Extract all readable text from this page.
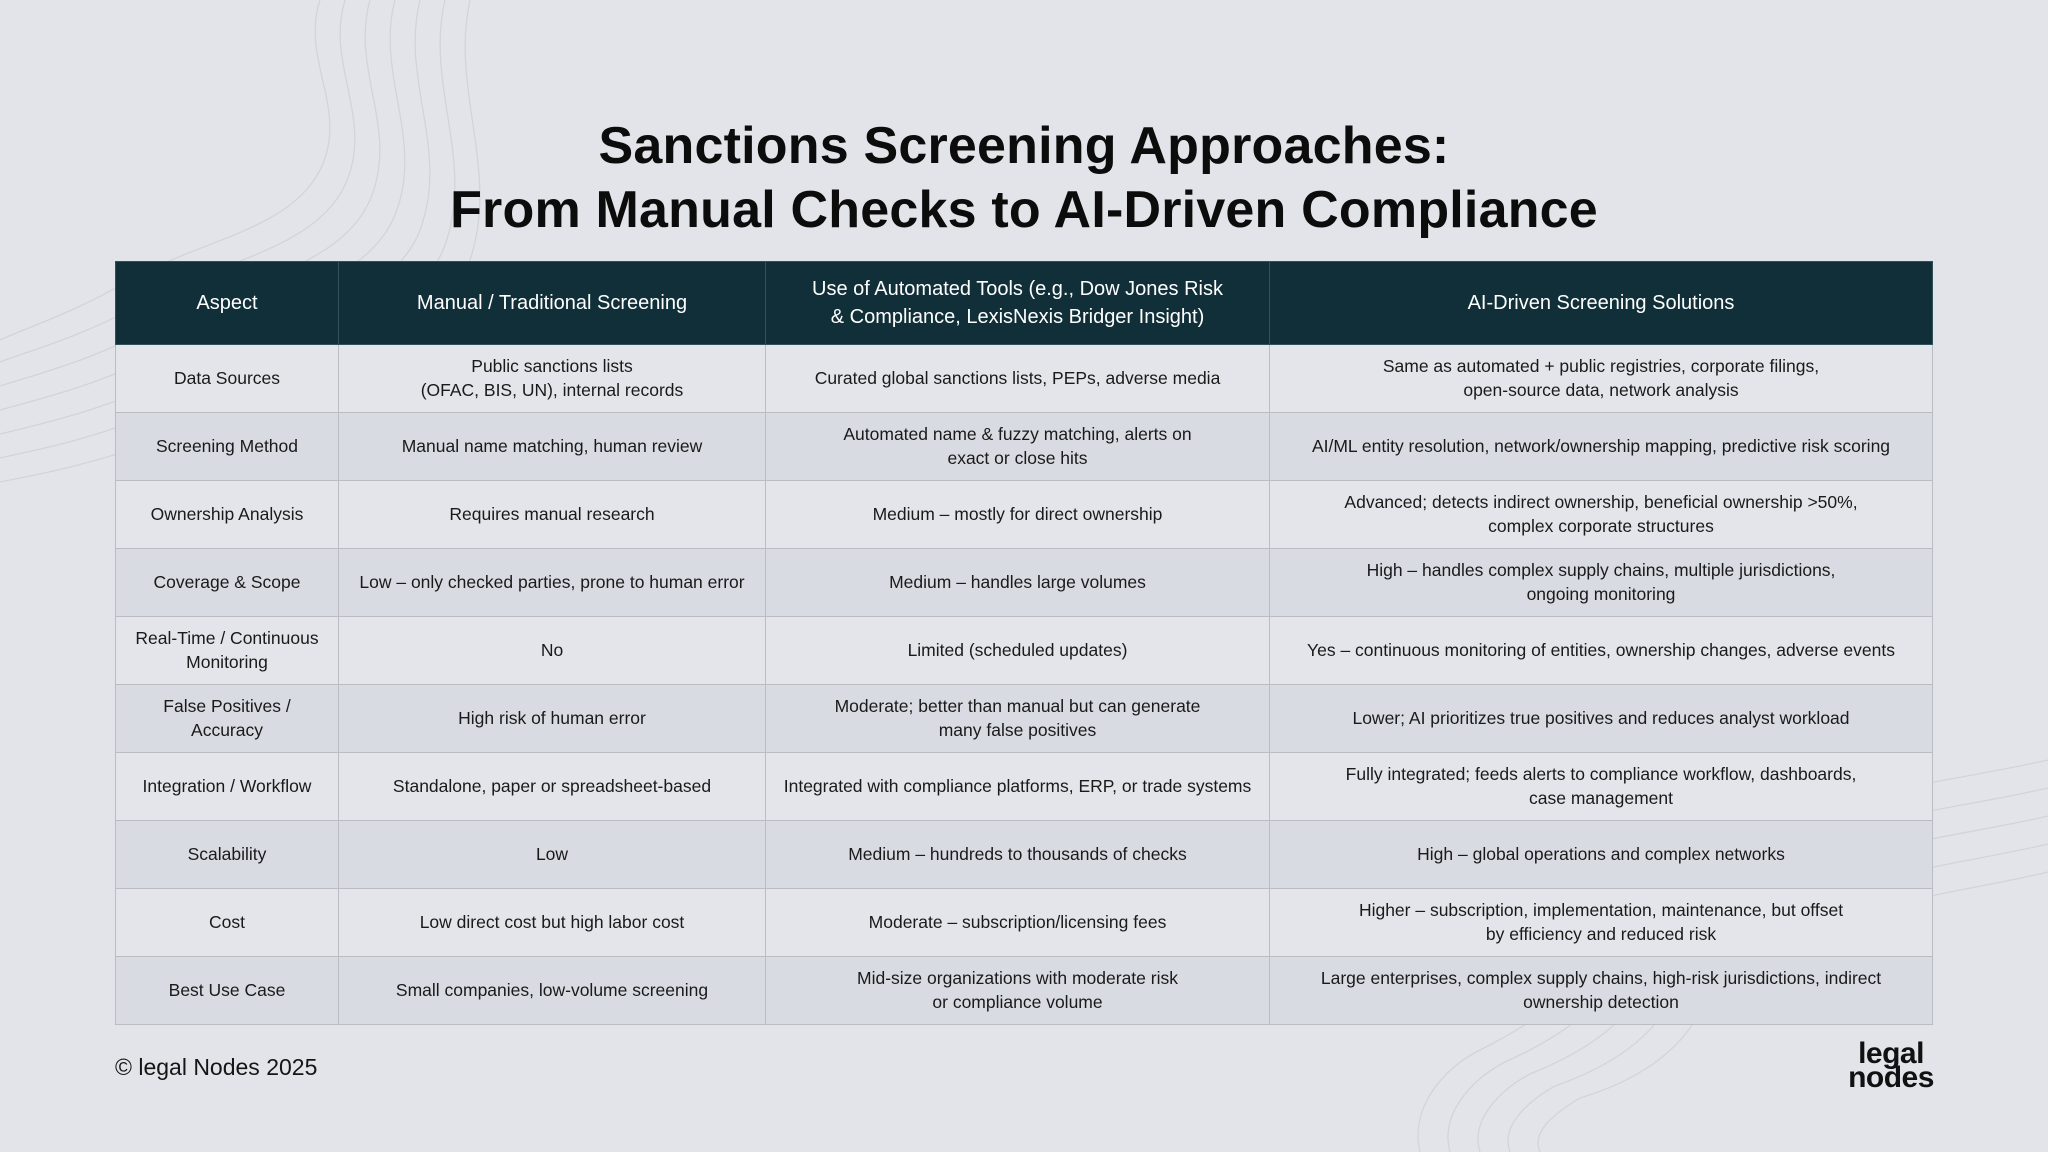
Sanctions Screening Approaches:
From Manual Checks to AI-Driven Compliance
Aspect	Manual / Traditional Screening	Use of Automated Tools (e.g., Dow Jones Risk
& Compliance, LexisNexis Bridger Insight)	AI-Driven Screening Solutions
Data Sources	Public sanctions lists
(OFAC, BIS, UN), internal records	Curated global sanctions lists, PEPs, adverse media	Same as automated + public registries, corporate filings,
open-source data, network analysis
Screening Method	Manual name matching, human review	Automated name & fuzzy matching, alerts on
exact or close hits	AI/ML entity resolution, network/ownership mapping, predictive risk scoring
Ownership Analysis	Requires manual research	Medium – mostly for direct ownership	Advanced; detects indirect ownership, beneficial ownership >50%,
complex corporate structures
Coverage & Scope	Low – only checked parties, prone to human error	Medium – handles large volumes	High – handles complex supply chains, multiple jurisdictions,
ongoing monitoring
Real-Time / Continuous
Monitoring	No	Limited (scheduled updates)	Yes – continuous monitoring of entities, ownership changes, adverse events
False Positives /
Accuracy	High risk of human error	Moderate; better than manual but can generate
many false positives	Lower; AI prioritizes true positives and reduces analyst workload
Integration / Workflow	Standalone, paper or spreadsheet-based	Integrated with compliance platforms, ERP, or trade systems	Fully integrated; feeds alerts to compliance workflow, dashboards,
case management
Scalability	Low	Medium – hundreds to thousands of checks	High – global operations and complex networks
Cost	Low direct cost but high labor cost	Moderate – subscription/licensing fees	Higher – subscription, implementation, maintenance, but offset
by efficiency and reduced risk
Best Use Case	Small companies, low-volume screening	Mid-size organizations with moderate risk
or compliance volume	Large enterprises, complex supply chains, high-risk jurisdictions, indirect
ownership detection
© legal Nodes 2025	legal
nodes
